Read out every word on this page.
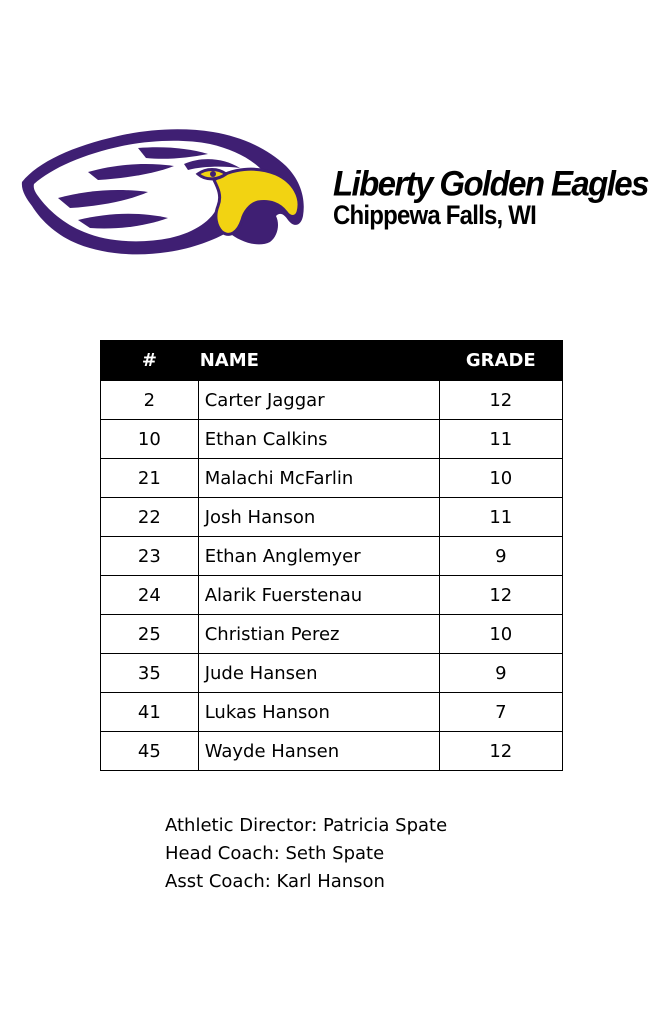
Liberty Golden Eagles
Chippewa Falls, WI
#	NAME	GRADE
2	Carter Jaggar	12
10	Ethan Calkins	11
21	Malachi McFarlin	10
22	Josh Hanson	11
23	Ethan Anglemyer	9
24	Alarik Fuerstenau	12
25	Christian Perez	10
35	Jude Hansen	9
41	Lukas Hanson	7
45	Wayde Hansen	12
Athletic Director: Patricia Spate
Head Coach: Seth Spate
Asst Coach: Karl Hanson
